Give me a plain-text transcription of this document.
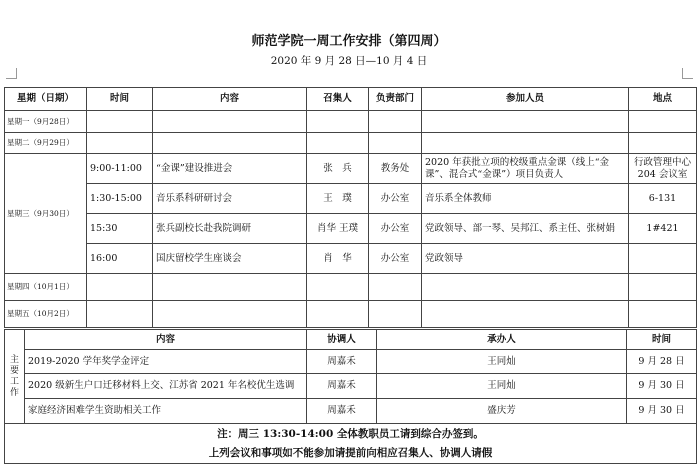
师范学院一周工作安排（第四周）
2020 年 9 月 28 日—10 月 4 日
星期（日期）	时间	内容	召集人	负责部门	参加人员	地点
星期一（9月28日）						
星期二（9月29日）						
星期三（9月30日）	9:00-11:00	“金课”建设推进会	张　兵	教务处	2020 年获批立项的校级重点金课（线上“金课”、混合式“金课”）项目负责人	行政管理中心 204 会议室
	1:30-15:00	音乐系科研研讨会	王　璞	办公室	音乐系全体教师	6-131
	15:30	张兵副校长赴我院调研	肖华 王璞	办公室	党政领导、部一琴、吴邦江、系主任、张树娟	1#421
	16:00	国庆留校学生座谈会	肖　华	办公室	党政领导	
星期四（10月1日）						
星期五（10月2日）						
主
要
工
作	内容	协调人	承办人	时间
	2019-2020 学年奖学金评定	周嘉禾	王同灿	9 月 28 日
	2020 级新生户口迁移材料上交、江苏省 2021 年名校优生选调	周嘉禾	王同灿	9 月 30 日
	家庭经济困难学生资助相关工作	周嘉禾	盛庆芳	9 月 30 日

注：周三 13:30-14:00 全体教职员工请到综合办签到。
上列会议和事项如不能参加请提前向相应召集人、协调人请假				
